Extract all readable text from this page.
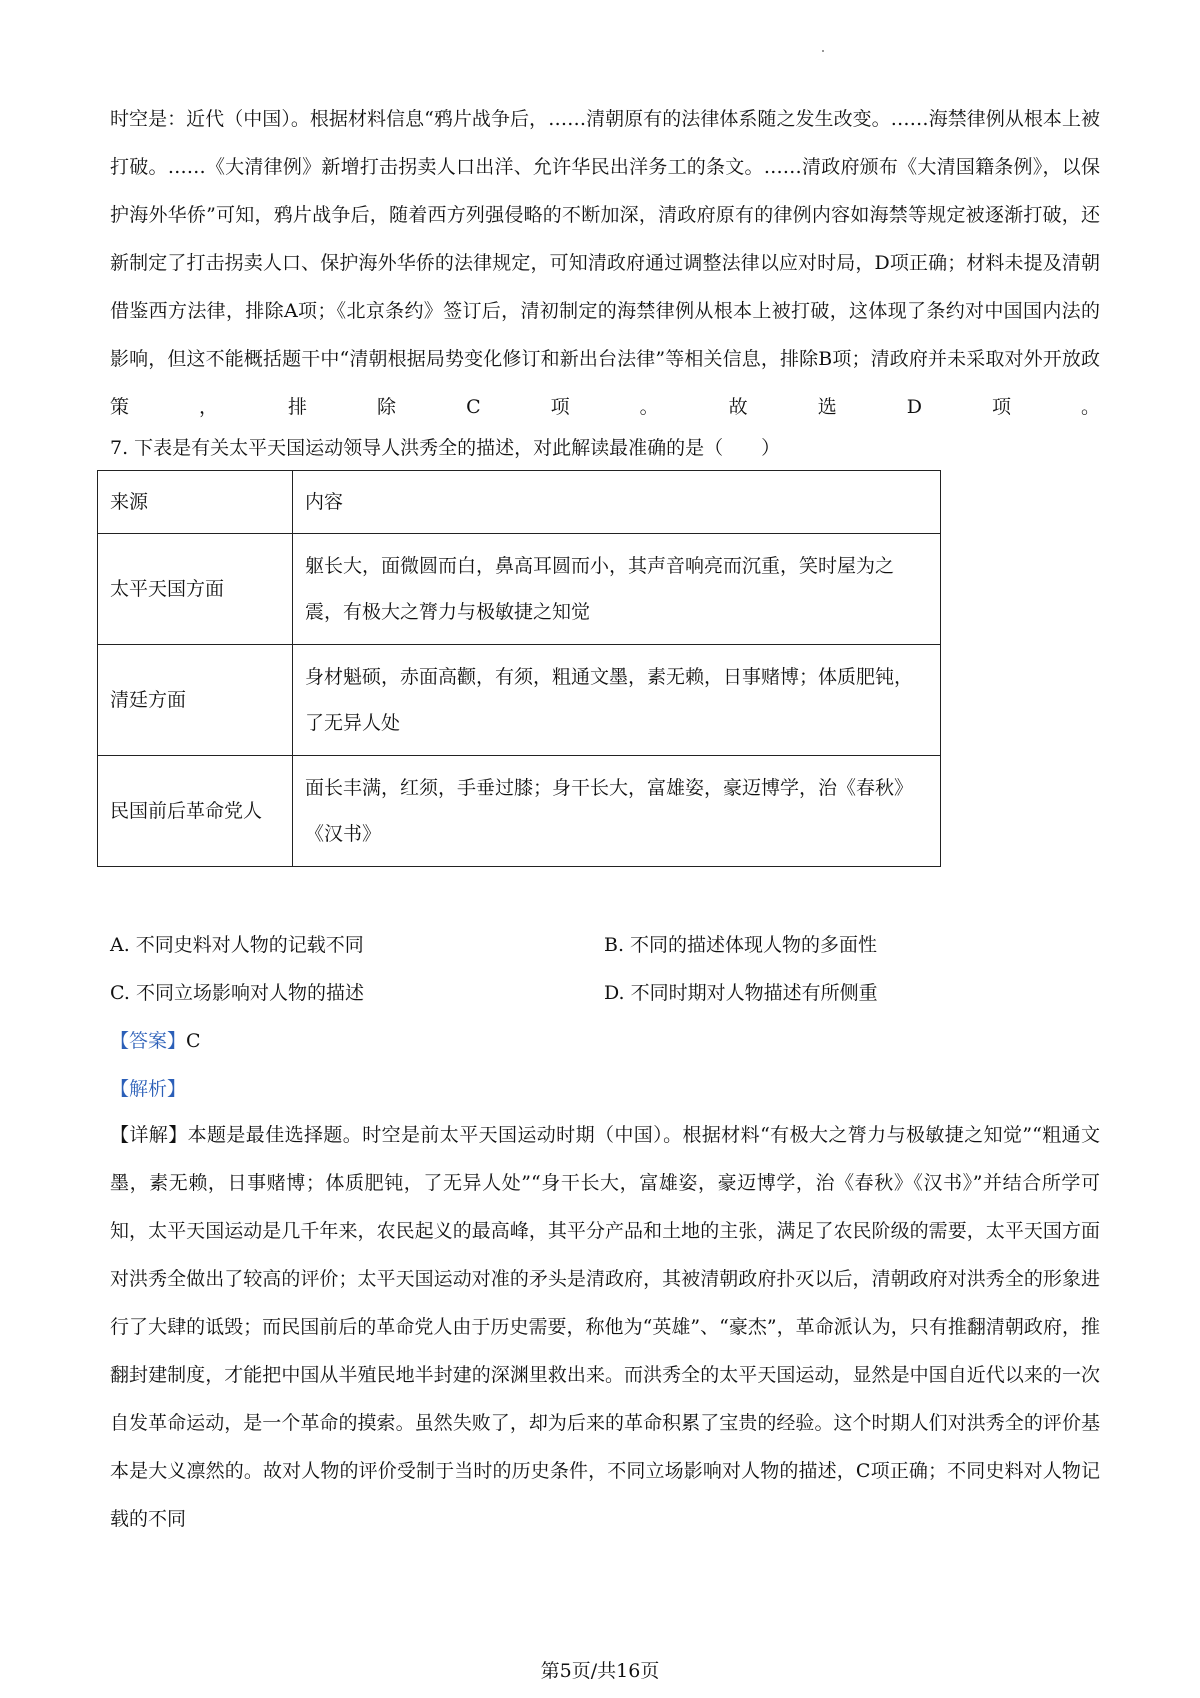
时空是：近代（中国）。根据材料信息“鸦片战争后，……清朝原有的法律体系随之发生改变。……海禁律例从根本上被打破。……《大清律例》新增打击拐卖人口出洋、允许华民出洋务工的条文。……清政府颁布《大清国籍条例》，以保护海外华侨”可知，鸦片战争后，随着西方列强侵略的不断加深，清政府原有的律例内容如海禁等规定被逐渐打破，还新制定了打击拐卖人口、保护海外华侨的法律规定，可知清政府通过调整法律以应对时局，D项正确；材料未提及清朝借鉴西方法律，排除A项；《北京条约》签订后，清初制定的海禁律例从根本上被打破，这体现了条约对中国国内法的影响，但这不能概括题干中“清朝根据局势变化修订和新出台法律”等相关信息，排除B项；清政府并未采取对外开放政策，排除C项。故选D项。
7. 下表是有关太平天国运动领导人洪秀全的描述，对此解读最准确的是（　　）
来源	内容
太平天国方面	躯长大，面微圆而白，鼻高耳圆而小，其声音响亮而沉重，笑时屋为之震，有极大之膂力与极敏捷之知觉
清廷方面	身材魁硕，赤面高颧，有须，粗通文墨，素无赖，日事赌博；体质肥钝，了无异人处
民国前后革命党人	面长丰满，红须，手垂过膝；身干长大，富雄姿，豪迈博学，治《春秋》《汉书》
A. 不同史料对人物的记载不同	B. 不同的描述体现人物的多面性
C. 不同立场影响对人物的描述	D. 不同时期对人物描述有所侧重
【答案】C
【解析】
【详解】本题是最佳选择题。时空是前太平天国运动时期（中国）。根据材料“有极大之膂力与极敏捷之知觉”“粗通文墨，素无赖，日事赌博；体质肥钝，了无异人处”“身干长大，富雄姿，豪迈博学，治《春秋》《汉书》”并结合所学可知，太平天国运动是几千年来，农民起义的最高峰，其平分产品和土地的主张，满足了农民阶级的需要，太平天国方面对洪秀全做出了较高的评价；太平天国运动对准的矛头是清政府，其被清朝政府扑灭以后，清朝政府对洪秀全的形象进行了大肆的诋毁；而民国前后的革命党人由于历史需要，称他为“英雄”、“豪杰”，革命派认为，只有推翻清朝政府，推翻封建制度，才能把中国从半殖民地半封建的深渊里救出来。而洪秀全的太平天国运动，显然是中国自近代以来的一次自发革命运动，是一个革命的摸索。虽然失败了，却为后来的革命积累了宝贵的经验。这个时期人们对洪秀全的评价基本是大义凛然的。故对人物的评价受制于当时的历史条件，不同立场影响对人物的描述，C项正确；不同史料对人物记载的不同
第5页/共16页
